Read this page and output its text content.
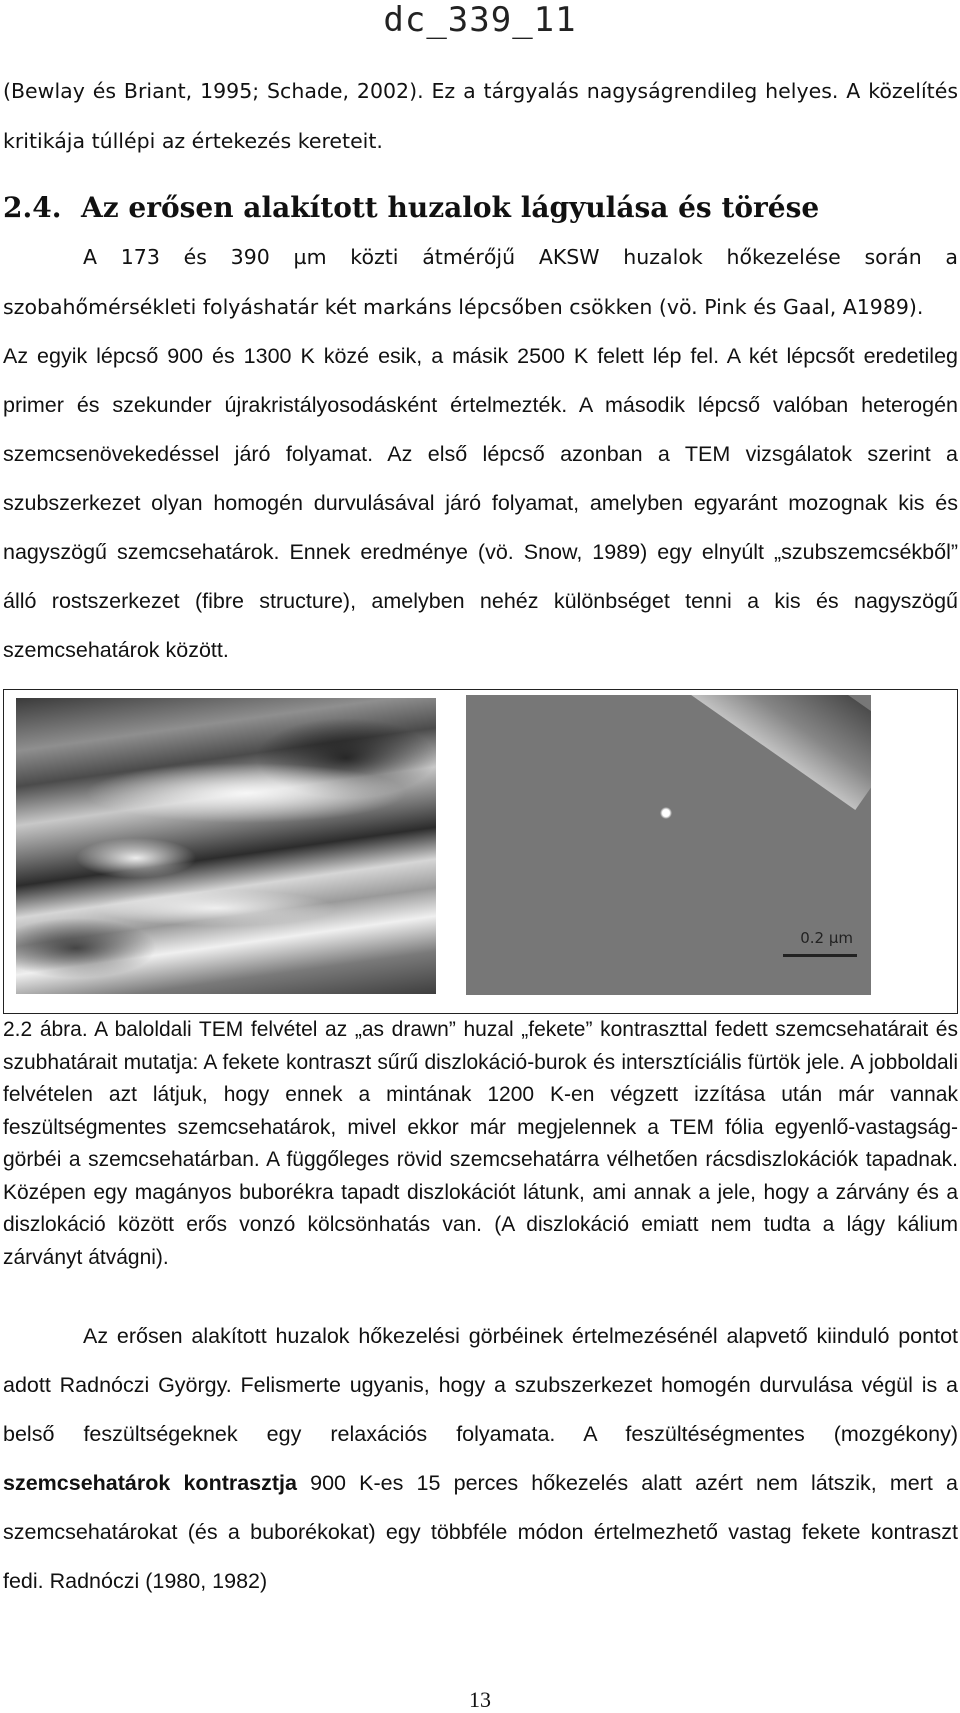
dc_339_11

(Bewlay és Briant, 1995; Schade, 2002). Ez a tárgyalás nagyságrendileg helyes. A közelítés kritikája túllépi az értekezés kereteit.

2.4. Az erősen alakított huzalok lágyulása és törése

A 173 és 390 µm közti átmérőjű AKSW huzalok hőkezelése során a szobahőmérsékleti folyáshatár két markáns lépcsőben csökken (vö. Pink és Gaal, A1989).

Az egyik lépcső 900 és 1300 K közé esik, a másik 2500 K felett lép fel. A két lépcsőt eredetileg primer és szekunder újrakristályosodásként értelmezték. A második lépcső valóban heterogén szemcsenövekedéssel járó folyamat. Az első lépcső azonban a TEM vizsgálatok szerint a szubszerkezet olyan homogén durvulásával járó folyamat, amelyben egyaránt mozognak kis és nagyszögű szemcsehatárok. Ennek eredménye (vö. Snow, 1989) egy elnyúlt „szubszemcsékből” álló rostszerkezet (fibre structure), amelyben nehéz különbséget tenni a kis és nagyszögű szemcsehatárok között.

0.2 µm

2.2 ábra. A baloldali TEM felvétel az „as drawn” huzal „fekete” kontraszttal fedett szemcsehatárait és szubhatárait mutatja: A fekete kontraszt sűrű diszlokáció-burok és intersztíciális fürtök jele. A jobboldali felvételen azt látjuk, hogy ennek a mintának 1200 K-en végzett izzítása után már vannak feszültségmentes szemcsehatárok, mivel ekkor már megjelennek a TEM fólia egyenlő-vastagság-görbéi a szemcsehatárban. A függőleges rövid szemcsehatárra vélhetően rácsdiszlokációk tapadnak. Középen egy magányos buborékra tapadt diszlokációt látunk, ami annak a jele, hogy a zárvány és a diszlokáció között erős vonzó kölcsönhatás van. (A diszlokáció emiatt nem tudta a lágy kálium zárványt átvágni).

Az erősen alakított huzalok hőkezelési görbéinek értelmezésénél alapvető kiinduló pontot adott Radnóczi György. Felismerte ugyanis, hogy a szubszerkezet homogén durvulása végül is a belső feszültségeknek egy relaxációs folyamata. A feszültéségmentes (mozgékony) szemcsehatárok kontrasztja 900 K-es 15 perces hőkezelés alatt azért nem látszik, mert a szemcsehatárokat (és a buborékokat) egy többféle módon értelmezhető vastag fekete kontraszt fedi. Radnóczi (1980, 1982)

13
